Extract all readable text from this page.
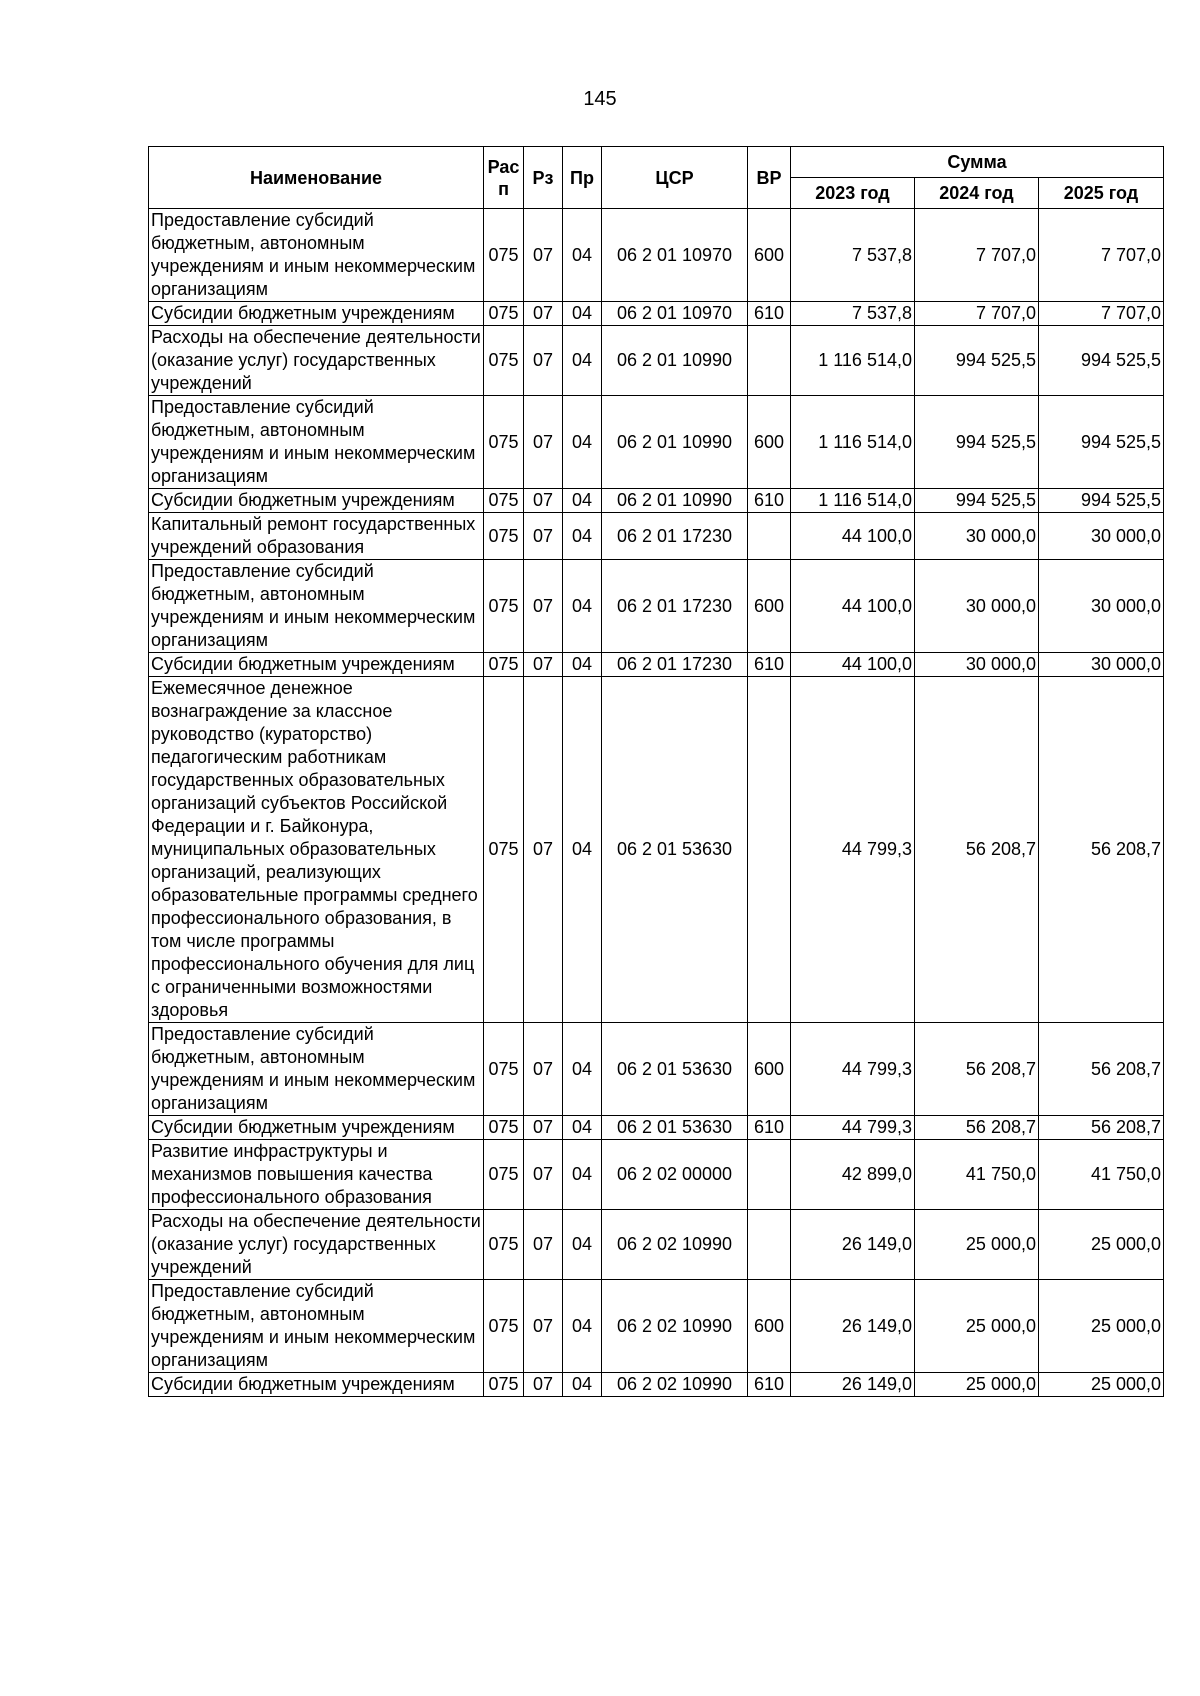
145
Наименование	Рас п	Рз	Пр	ЦСР	ВР	Сумма		
						2023 год	2024 год	2025 год
Предоставление субсидий бюджетным, автономным учреждениям и иным некоммерческим организациям	075	07	04	06 2 01 10970	600	7 537,8	7 707,0	7 707,0
Субсидии бюджетным учреждениям	075	07	04	06 2 01 10970	610	7 537,8	7 707,0	7 707,0
Расходы на обеспечение деятельности (оказание услуг) государственных учреждений	075	07	04	06 2 01 10990		1 116 514,0	994 525,5	994 525,5
Предоставление субсидий бюджетным, автономным учреждениям и иным некоммерческим организациям	075	07	04	06 2 01 10990	600	1 116 514,0	994 525,5	994 525,5
Субсидии бюджетным учреждениям	075	07	04	06 2 01 10990	610	1 116 514,0	994 525,5	994 525,5
Капитальный ремонт государственных учреждений образования	075	07	04	06 2 01 17230		44 100,0	30 000,0	30 000,0
Предоставление субсидий бюджетным, автономным учреждениям и иным некоммерческим организациям	075	07	04	06 2 01 17230	600	44 100,0	30 000,0	30 000,0
Субсидии бюджетным учреждениям	075	07	04	06 2 01 17230	610	44 100,0	30 000,0	30 000,0
Ежемесячное денежное вознаграждение за классное руководство (кураторство) педагогическим работникам государственных образовательных организаций субъектов Российской Федерации и г. Байконура, муниципальных образовательных организаций, реализующих образовательные программы среднего профессионального образования, в том числе программы профессионального обучения для лиц с ограниченными возможностями здоровья	075	07	04	06 2 01 53630		44 799,3	56 208,7	56 208,7
Предоставление субсидий бюджетным, автономным учреждениям и иным некоммерческим организациям	075	07	04	06 2 01 53630	600	44 799,3	56 208,7	56 208,7
Субсидии бюджетным учреждениям	075	07	04	06 2 01 53630	610	44 799,3	56 208,7	56 208,7
Развитие инфраструктуры и механизмов повышения качества профессионального образования	075	07	04	06 2 02 00000		42 899,0	41 750,0	41 750,0
Расходы на обеспечение деятельности (оказание услуг) государственных учреждений	075	07	04	06 2 02 10990		26 149,0	25 000,0	25 000,0
Предоставление субсидий бюджетным, автономным учреждениям и иным некоммерческим организациям	075	07	04	06 2 02 10990	600	26 149,0	25 000,0	25 000,0
Субсидии бюджетным учреждениям	075	07	04	06 2 02 10990	610	26 149,0	25 000,0	25 000,0
